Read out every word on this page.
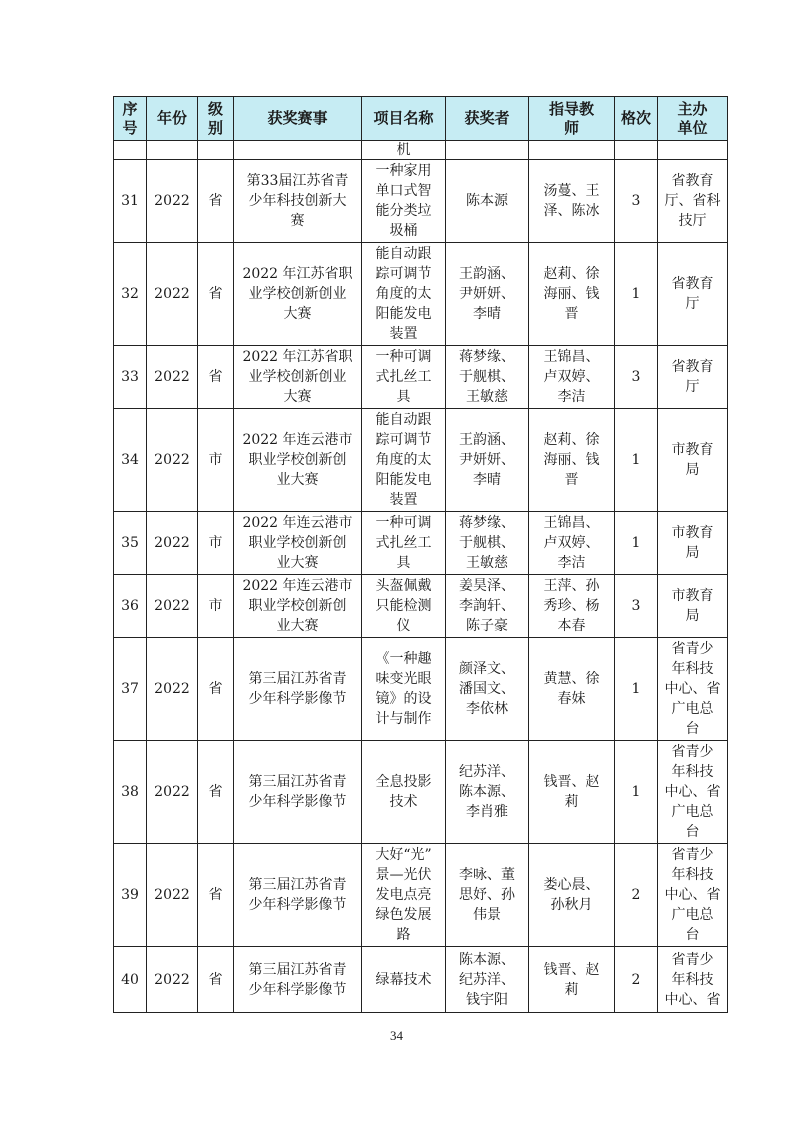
序
号	年份	级
别	获奖赛事	项目名称	获奖者	指导教
师	格次	主办
单位

				机				
31	2022	省	第33届江苏省青
少年科技创新大
赛	一种家用
单口式智
能分类垃
圾桶	陈本源	汤蔓、王
泽、陈冰	3	省教育
厅、省科
技厅

32	2022	省	2022 年江苏省职
业学校创新创业
大赛	能自动跟
踪可调节
角度的太
阳能发电
装置	王韵涵、
尹妍妍、
李晴	赵莉、徐
海丽、钱
晋	1	省教育
厅

33	2022	省	2022 年江苏省职
业学校创新创业
大赛	一种可调
式扎丝工
具	蒋梦缘、
于舰棋、
王敏慈	王锦昌、
卢双婷、
李洁	3	省教育
厅

34	2022	市	2022 年连云港市
职业学校创新创
业大赛	能自动跟
踪可调节
角度的太
阳能发电
装置	王韵涵、
尹妍妍、
李晴	赵莉、徐
海丽、钱
晋	1	市教育
局

35	2022	市	2022 年连云港市
职业学校创新创
业大赛	一种可调
式扎丝工
具	蒋梦缘、
于舰棋、
王敏慈	王锦昌、
卢双婷、
李洁	1	市教育
局

36	2022	市	2022 年连云港市
职业学校创新创
业大赛	头盔佩戴
只能检测
仪	姜昊泽、
李詢轩、
陈子豪	王萍、孙
秀珍、杨
本春	3	市教育
局

37	2022	省	第三届江苏省青
少年科学影像节	《一种趣
味变光眼
镜》的设
计与制作	颜泽文、
潘国文、
李依林	黄慧、徐
春妹	1	省青少
年科技
中心、省
广电总
台

38	2022	省	第三届江苏省青
少年科学影像节	全息投影
技术	纪苏洋、
陈本源、
李肖雅	钱晋、赵
莉	1	省青少
年科技
中心、省
广电总
台

39	2022	省	第三届江苏省青
少年科学影像节	大好“光”
景—光伏
发电点亮
绿色发展
路	李咏、董
思妤、孙
伟景	娄心晨、
孙秋月	2	省青少
年科技
中心、省
广电总
台

40	2022	省	第三届江苏省青
少年科学影像节	绿幕技术	陈本源、
纪苏洋、
钱宇阳	钱晋、赵
莉	2	省青少
年科技
中心、省
34
